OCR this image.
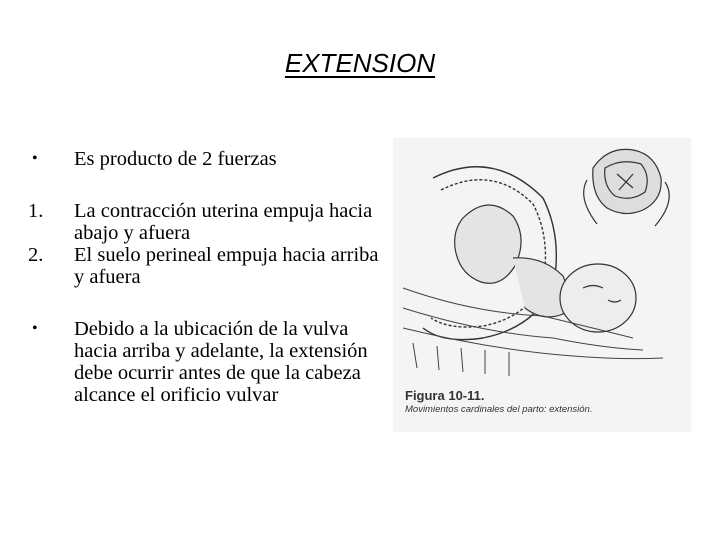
EXTENSION
• Es producto de 2 fuerzas
1. La contracción uterina empuja hacia abajo y afuera
2. El suelo perineal empuja hacia arriba y afuera
• Debido a la ubicación de la vulva hacia arriba y adelante, la extensión debe ocurrir antes de que la cabeza alcance el orificio vulvar	Figura 10-11.
Movimientos cardinales del parto: extensión.
